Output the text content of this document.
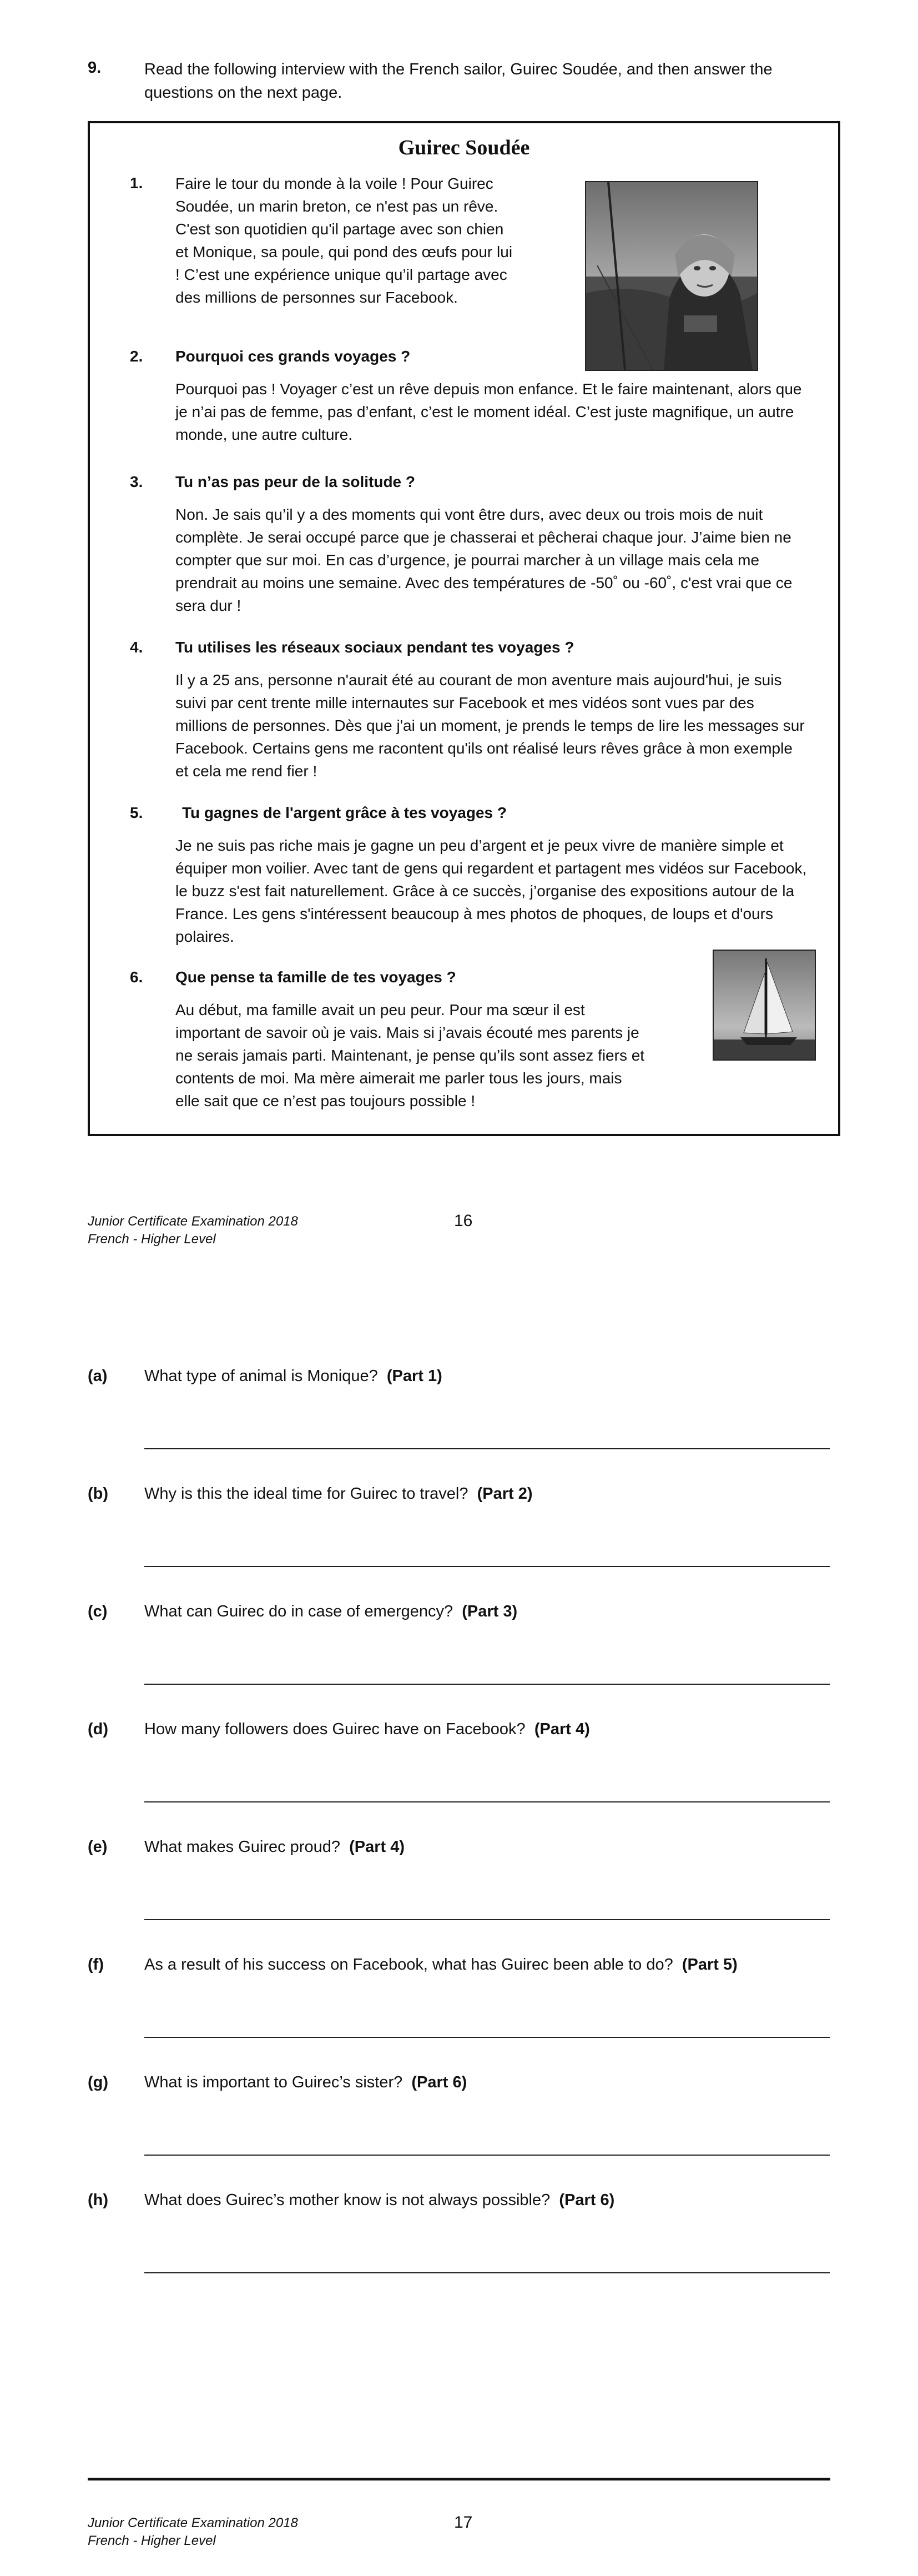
9.	Read the following interview with the French sailor, Guirec Soudée, and then answer the questions on the next page.
Guirec Soudée
1. Faire le tour du monde à la voile ! Pour Guirec Soudée, un marin breton, ce n'est pas un rêve. C'est son quotidien qu'il partage avec son chien et Monique, sa poule, qui pond des œufs pour lui ! C’est une expérience unique qu’il partage avec des millions de personnes sur Facebook.
2. Pourquoi ces grands voyages ?
Pourquoi pas ! Voyager c’est un rêve depuis mon enfance. Et le faire maintenant, alors que je n’ai pas de femme, pas d’enfant, c’est le moment idéal. C’est juste magnifique, un autre monde, une autre culture.
3. Tu n’as pas peur de la solitude ?
Non. Je sais qu’il y a des moments qui vont être durs, avec deux ou trois mois de nuit complète. Je serai occupé parce que je chasserai et pêcherai chaque jour. J’aime bien ne compter que sur moi. En cas d’urgence, je pourrai marcher à un village mais cela me prendrait au moins une semaine. Avec des températures de -50˚ ou -60˚, c'est vrai que ce sera dur !
4. Tu utilises les réseaux sociaux pendant tes voyages ?
Il y a 25 ans, personne n'aurait été au courant de mon aventure mais aujourd'hui, je suis suivi par cent trente mille internautes sur Facebook et mes vidéos sont vues par des millions de personnes. Dès que j'ai un moment, je prends le temps de lire les messages sur Facebook. Certains gens me racontent qu'ils ont réalisé leurs rêves grâce à mon exemple et cela me rend fier !
5.	Tu gagnes de l'argent grâce à tes voyages ?
Je ne suis pas riche mais je gagne un peu d’argent et je peux vivre de manière simple et équiper mon voilier. Avec tant de gens qui regardent et partagent mes vidéos sur Facebook, le buzz s'est fait naturellement. Grâce à ce succès, j’organise des expositions autour de la France. Les gens s'intéressent beaucoup à mes photos de phoques, de loups et d'ours polaires.
6. Que pense ta famille de tes voyages ?
Au début, ma famille avait un peu peur. Pour ma sœur il est important de savoir où je vais. Mais si j’avais écouté mes parents je ne serais jamais parti. Maintenant, je pense qu’ils sont assez fiers et contents de moi. Ma mère aimerait me parler tous les jours, mais elle sait que ce n’est pas toujours possible !
Junior Certificate Examination 2018
French - Higher Level
16
(a) What type of animal is Monique? (Part 1)
(b) Why is this the ideal time for Guirec to travel? (Part 2)
(c) What can Guirec do in case of emergency? (Part 3)
(d) How many followers does Guirec have on Facebook? (Part 4)
(e) What makes Guirec proud? (Part 4)
(f)	As a result of his success on Facebook, what has Guirec been able to do? (Part 5)
(g) What is important to Guirec’s sister? (Part 6)
(h) What does Guirec’s mother know is not always possible? (Part 6)
Junior Certificate Examination 2018
French - Higher Level
17
